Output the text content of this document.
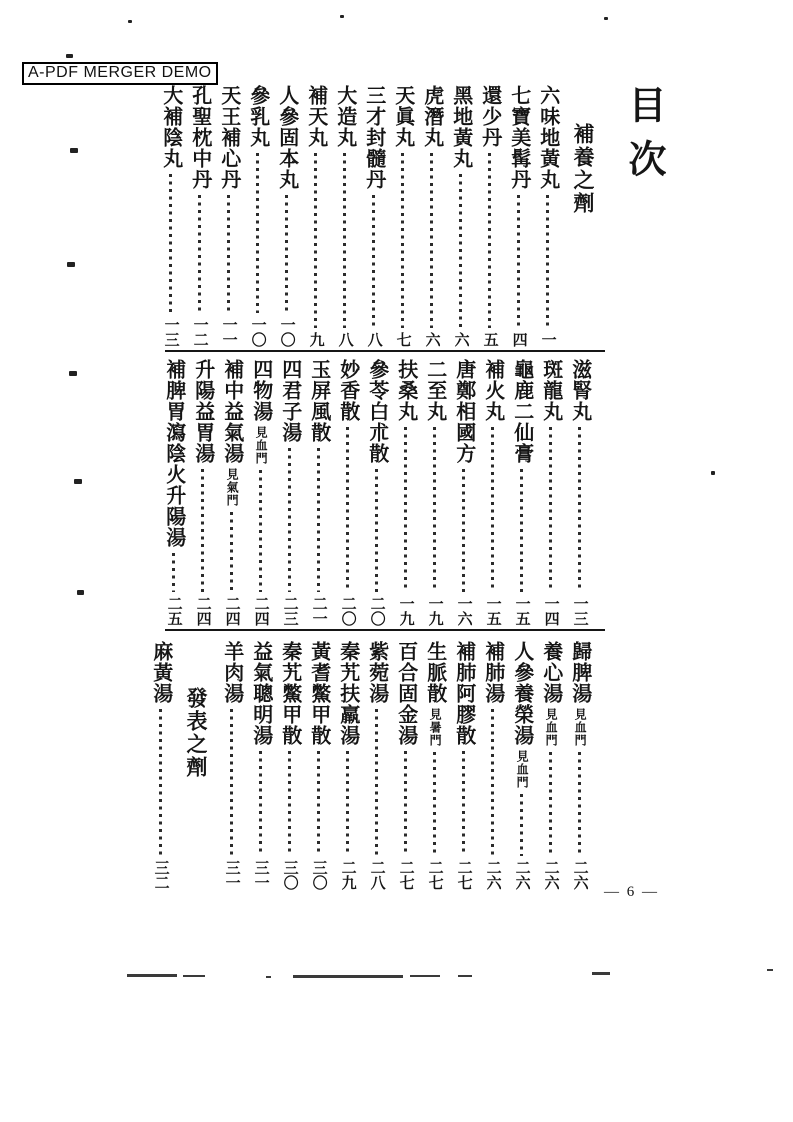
A-PDF MERGER DEMO
目次
補養之劑
六味地黃丸
一
七寶美髯丹
四
還少丹
五
黑地黃丸
六
虎潛丸
六
天眞丸
七
三才封髓丹
八
大造丸
八
補天丸
九
人參固本丸
一〇
參乳丸
一〇
天王補心丹
一一
孔聖枕中丹
一二
大補陰丸
一三
滋腎丸
一三
斑龍丸
一四
龜鹿二仙膏
一五
補火丸
一五
唐鄭相國方
一六
二至丸
一九
扶桑丸
一九
參苓白朮散
二〇
妙香散
二〇
玉屏風散
二一
四君子湯
二三
四物湯
見血門
二四
補中益氣湯
見氣門
二四
升陽益胃湯
二四
補脾胃瀉陰火升陽湯
二五
歸脾湯
見血門
二六
養心湯
見血門
二六
人參養榮湯
見血門
二六
補肺湯
二六
補肺阿膠散
二七
生脈散
見暑門
二七
百合固金湯
二七
紫菀湯
二八
秦艽扶羸湯
二九
黃耆鱉甲散
三〇
秦艽鱉甲散
三〇
益氣聰明湯
三一
羊肉湯
三一
發表之劑
麻黃湯
三二
— 6 —
